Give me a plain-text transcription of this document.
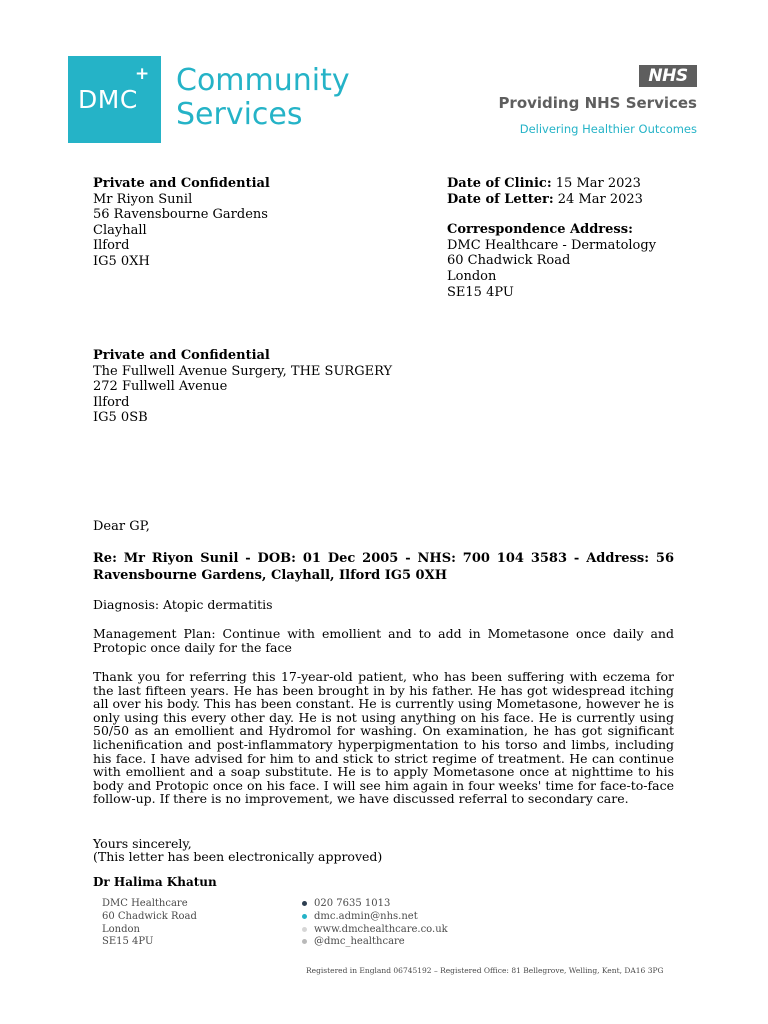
DMC
+ Community
Services
NHS
Providing NHS Services
Delivering Healthier Outcomes
Private and Confidential
Mr Riyon Sunil
56 Ravensbourne Gardens
Clayhall
Ilford
IG5 0XH
Date of Clinic: 15 Mar 2023
Date of Letter: 24 Mar 2023
Correspondence Address:
DMC Healthcare - Dermatology
60 Chadwick Road
London
SE15 4PU
Private and Confidential
The Fullwell Avenue Surgery, THE SURGERY
272 Fullwell Avenue
Ilford
IG5 0SB
Dear GP,
Re: Mr Riyon Sunil - DOB: 01 Dec 2005 - NHS: 700 104 3583 - Address: 56 Ravensbourne Gardens, Clayhall, Ilford IG5 0XH
Diagnosis: Atopic dermatitis
Management Plan: Continue with emollient and to add in Mometasone once daily and Protopic once daily for the face
Thank you for referring this 17-year-old patient, who has been suffering with eczema for the last fifteen years. He has been brought in by his father. He has got widespread itching all over his body. This has been constant. He is currently using Mometasone, however he is only using this every other day. He is not using anything on his face. He is currently using 50/50 as an emollient and Hydromol for washing. On examination, he has got significant lichenification and post-inflammatory hyperpigmentation to his torso and limbs, including his face. I have advised for him to and stick to strict regime of treatment. He can continue with emollient and a soap substitute. He is to apply Mometasone once at nighttime to his body and Protopic once on his face. I will see him again in four weeks' time for face-to-face follow-up. If there is no improvement, we have discussed referral to secondary care.
Yours sincerely,
(This letter has been electronically approved)
Dr Halima Khatun
DMC Healthcare
60 Chadwick Road
London
SE15 4PU
020 7635 1013
dmc.admin@nhs.net
www.dmchealthcare.co.uk
@dmc_healthcare
Registered in England 06745192 – Registered Office: 81 Bellegrove, Welling, Kent, DA16 3PG
